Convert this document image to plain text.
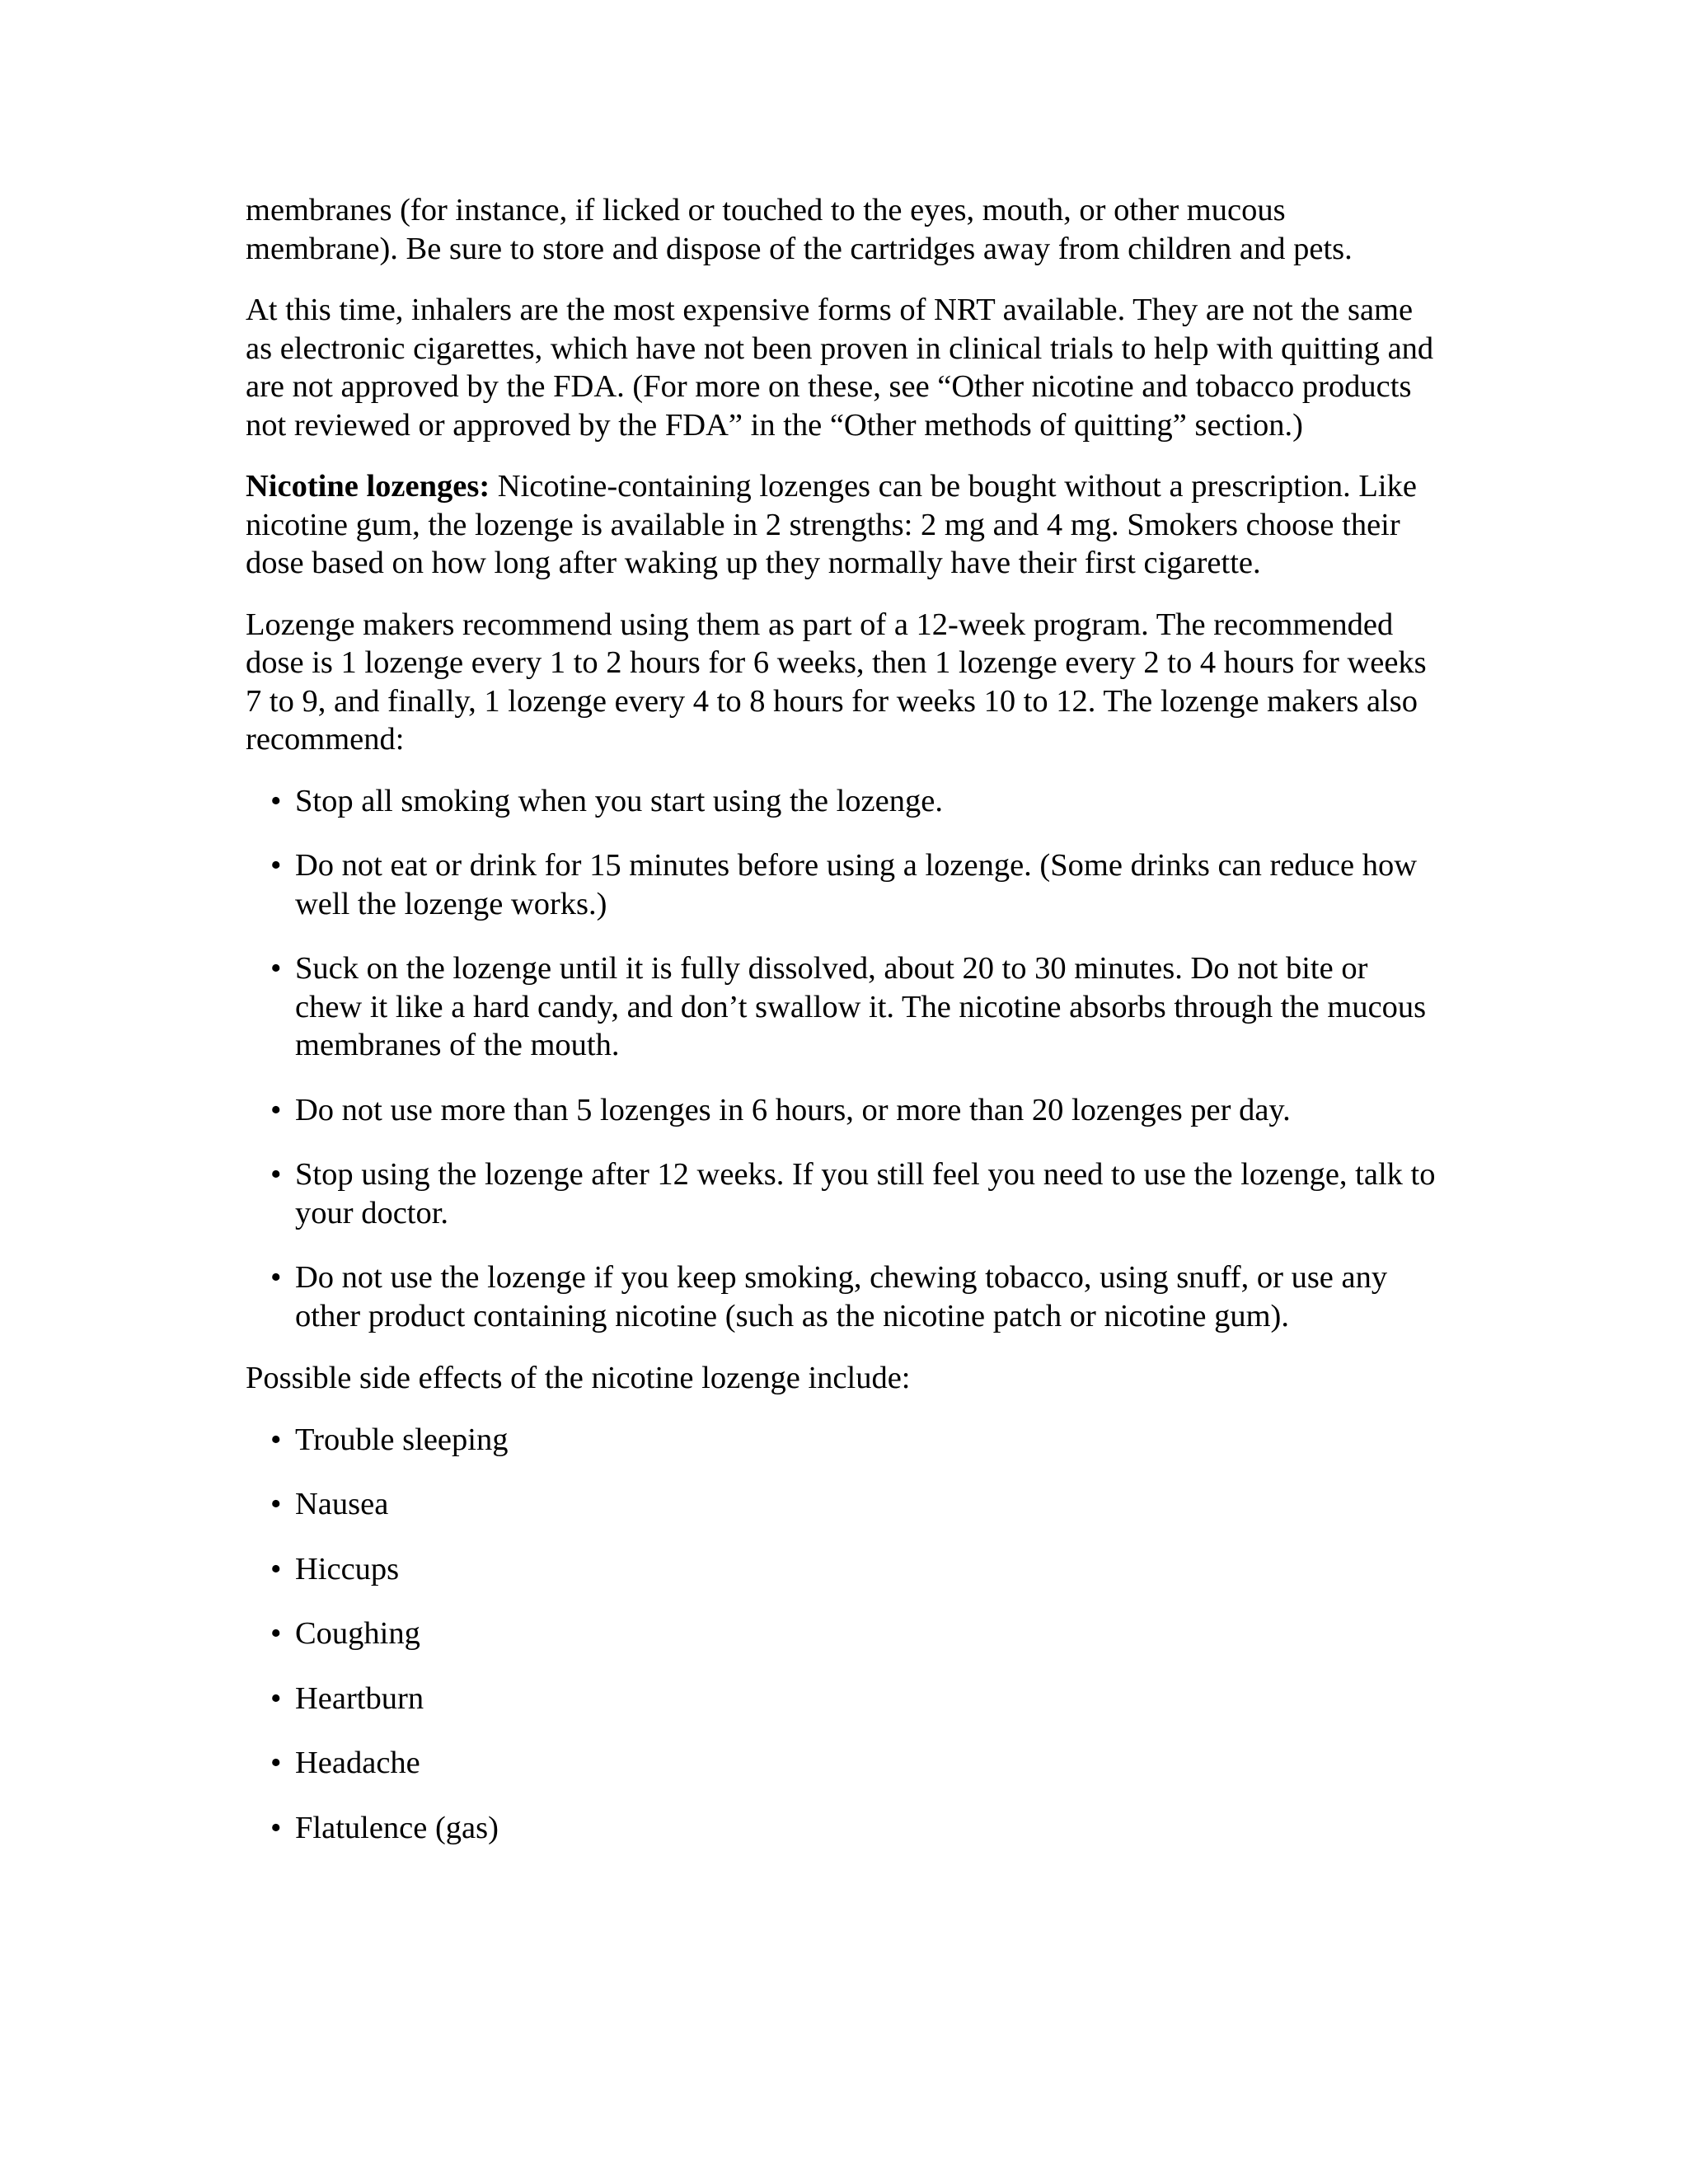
membranes (for instance, if licked or touched to the eyes, mouth, or other mucous membrane). Be sure to store and dispose of the cartridges away from children and pets.

At this time, inhalers are the most expensive forms of NRT available. They are not the same as electronic cigarettes, which have not been proven in clinical trials to help with quitting and are not approved by the FDA. (For more on these, see “Other nicotine and tobacco products not reviewed or approved by the FDA” in the “Other methods of quitting” section.)

Nicotine lozenges: Nicotine-containing lozenges can be bought without a prescription. Like nicotine gum, the lozenge is available in 2 strengths: 2 mg and 4 mg. Smokers choose their dose based on how long after waking up they normally have their first cigarette.

Lozenge makers recommend using them as part of a 12-week program. The recommended dose is 1 lozenge every 1 to 2 hours for 6 weeks, then 1 lozenge every 2 to 4 hours for weeks 7 to 9, and finally, 1 lozenge every 4 to 8 hours for weeks 10 to 12. The lozenge makers also recommend:

• Stop all smoking when you start using the lozenge.
• Do not eat or drink for 15 minutes before using a lozenge. (Some drinks can reduce how well the lozenge works.)
• Suck on the lozenge until it is fully dissolved, about 20 to 30 minutes. Do not bite or chew it like a hard candy, and don’t swallow it. The nicotine absorbs through the mucous membranes of the mouth.
• Do not use more than 5 lozenges in 6 hours, or more than 20 lozenges per day.
• Stop using the lozenge after 12 weeks. If you still feel you need to use the lozenge, talk to your doctor.
• Do not use the lozenge if you keep smoking, chewing tobacco, using snuff, or use any other product containing nicotine (such as the nicotine patch or nicotine gum).

Possible side effects of the nicotine lozenge include:

• Trouble sleeping
• Nausea
• Hiccups
• Coughing
• Heartburn
• Headache
• Flatulence (gas)
